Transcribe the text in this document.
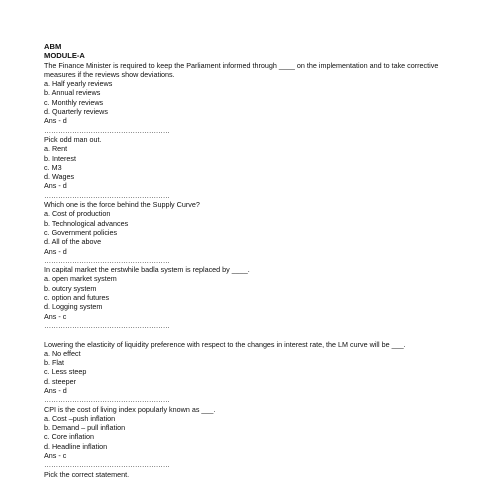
ABM
MODULE-A
The Finance Minister is required to keep the Parliament informed through ____ on the implementation and to take corrective measures if the reviews show deviations.
a. Half yearly reviews
b. Annual reviews
c. Monthly reviews
d. Quarterly reviews
Ans - d
………………………………………………
Pick odd man out.
a. Rent
b. Interest
c. M3
d. Wages
Ans - d
………………………………………………
Which one is the force behind the Supply Curve?
a. Cost of production
b. Technological advances
c. Government policies
d. All of the above
Ans - d
………………………………………………
In capital market the erstwhile badla system is replaced by ____.
a. open market system
b. outcry system
c. option and futures
d. Logging system
Ans - c
………………………………………………
Lowering the elasticity of liquidity preference with respect to the changes in interest rate, the LM curve will be ___.
a. No effect
b. Flat
c. Less steep
d. steeper
Ans - d
………………………………………………
CPI is the cost of living index popularly known as ___.
a. Cost –push inflation
b. Demand – pull inflation
c. Core inflation
d. Headline inflation
Ans - c
………………………………………………
Pick the correct statement.
